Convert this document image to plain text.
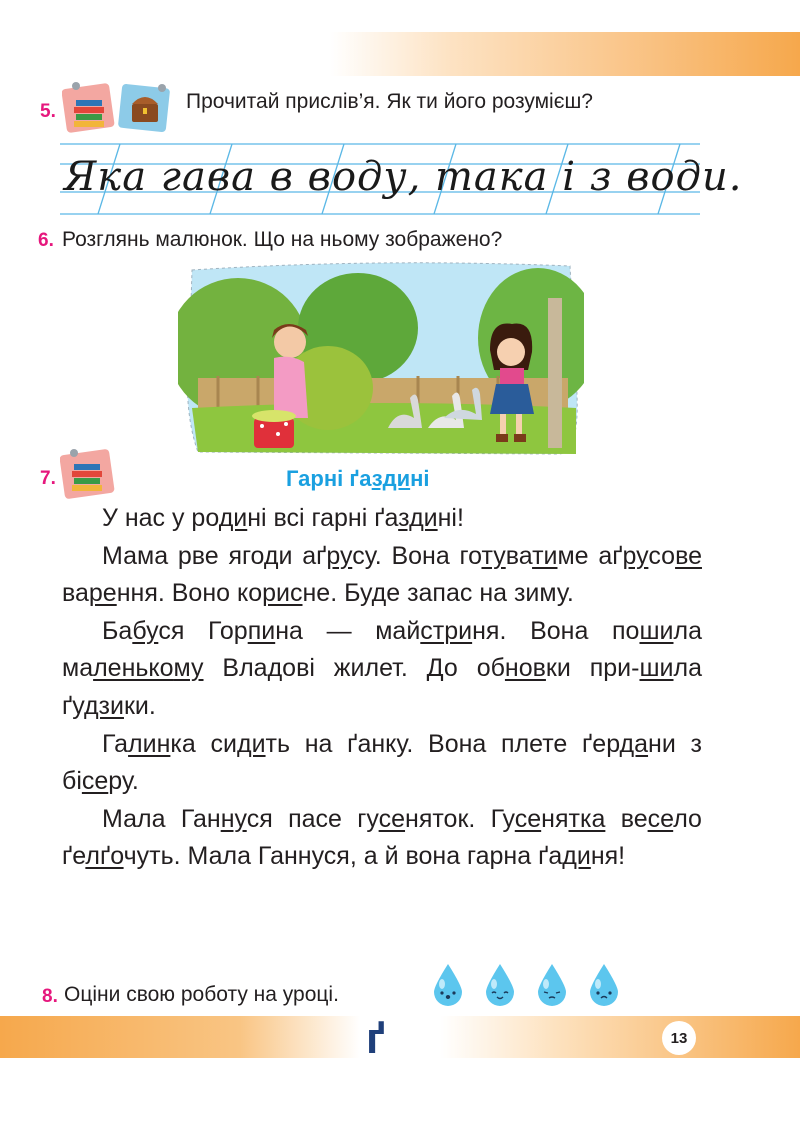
5.	Прочитай прислів’я. Як ти його розумієш?
Яка гава в воду, така і з води.
6. Розглянь малюнок. Що на ньому зображено?
7.	Гарні ґаздині

У нас у родині всі гарні ґаздині!

Мама рве ягоди аґрусу. Вона готуватиме аґрусове варення. Воно корисне. Буде запас на зиму.

Бабуся Горпина — майстриня. Вона пошила маленькому Владові жилет. До обновки при-шила ґудзики.

Галинка сидить на ґанку. Вона плете ґердани з бісеру.

Мала Ганнуся пасе гусеняток. Гусенятка весело ґелґочуть. Мала Ганнуся, а й вона гарна ґадиня!

8. Оціни свою роботу на уроці.
ґ	13
